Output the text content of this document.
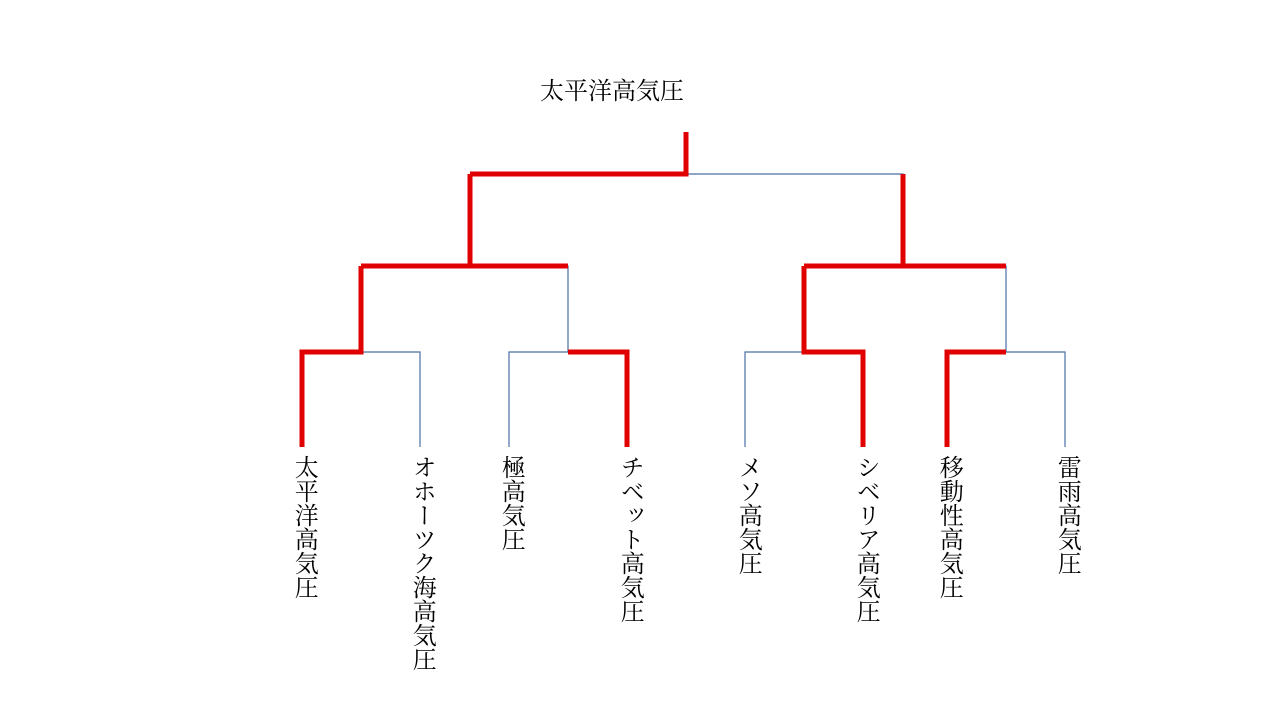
太平洋高気圧
太平洋高気圧	オホーツク海高気圧	極高気圧	チベット高気圧	メソ高気圧	シベリア高気圧 移動性高気圧	雷雨高気圧
